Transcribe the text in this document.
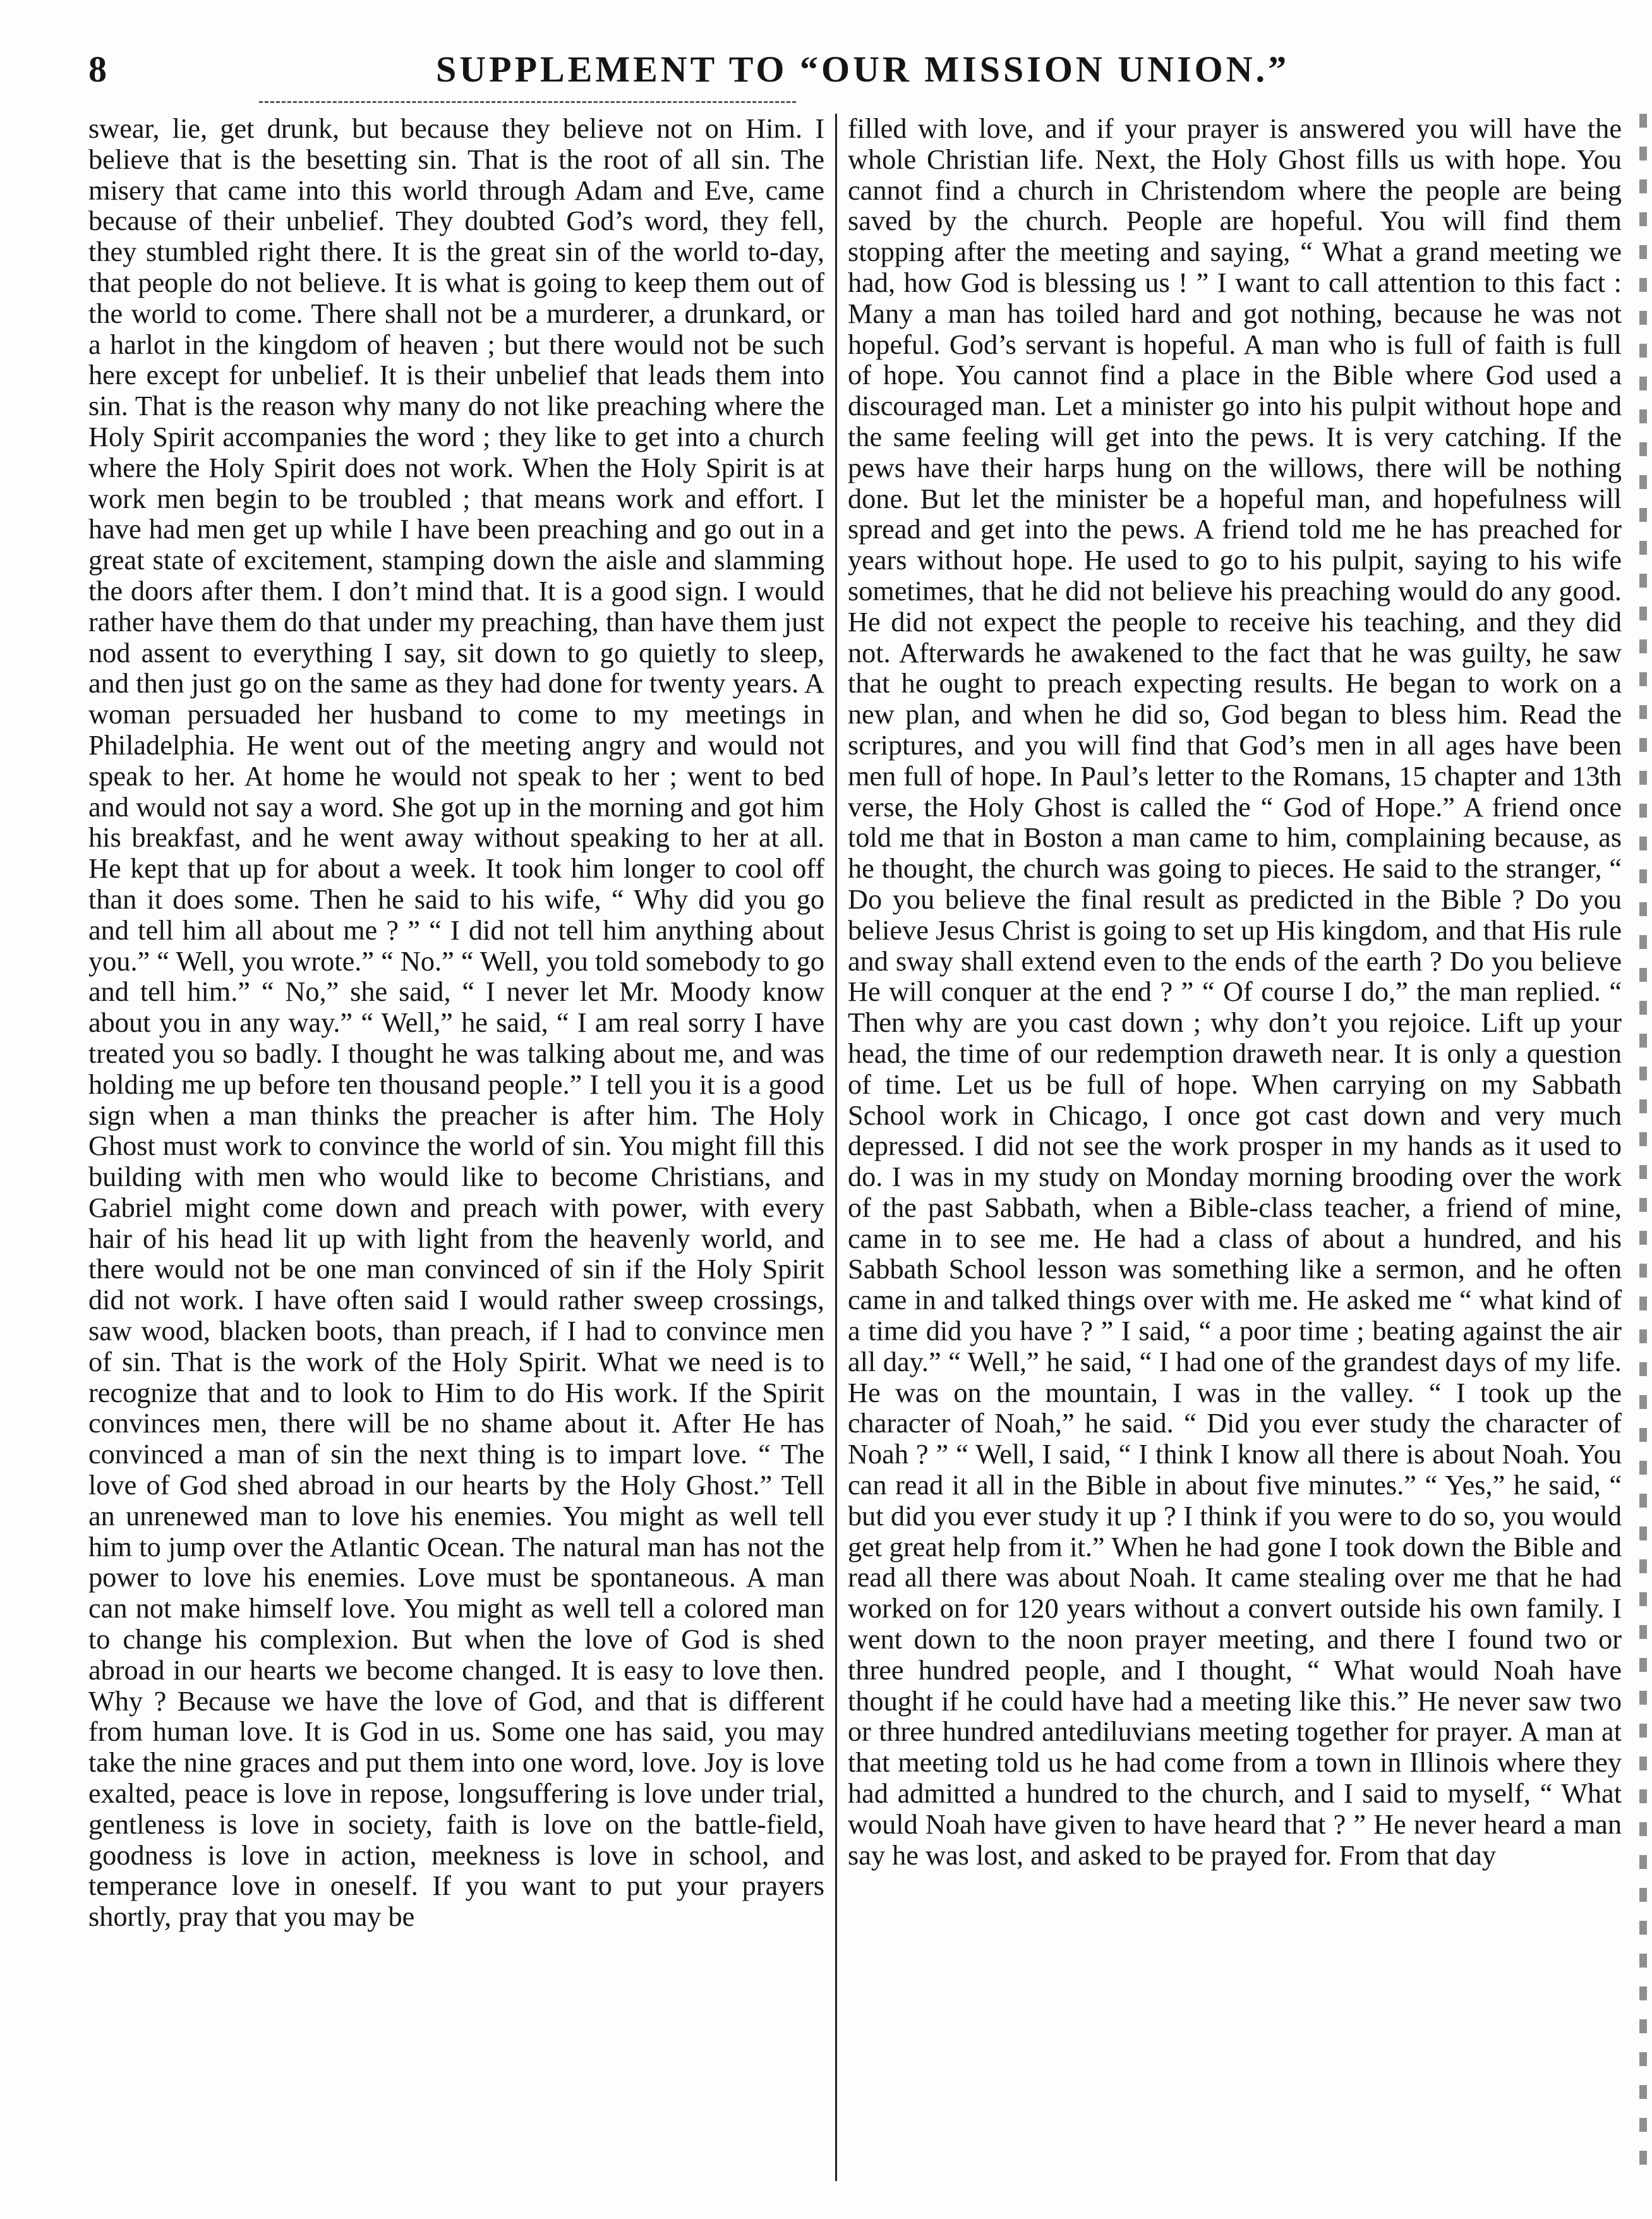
8	SUPPLEMENT TO “OUR MISSION UNION.”

swear, lie, get drunk, but because they believe not on Him. I believe that is the besetting sin. That is the root of all sin. The misery that came into this world through Adam and Eve, came because of their unbelief. They doubted God’s word, they fell, they stumbled right there. It is the great sin of the world to-day, that people do not believe. It is what is going to keep them out of the world to come. There shall not be a murderer, a drunkard, or a harlot in the kingdom of heaven ; but there would not be such here except for unbelief. It is their unbelief that leads them into sin. That is the reason why many do not like preaching where the Holy Spirit accompanies the word ; they like to get into a church where the Holy Spirit does not work. When the Holy Spirit is at work men begin to be troubled ; that means work and effort. I have had men get up while I have been preaching and go out in a great state of excitement, stamping down the aisle and slamming the doors after them. I don’t mind that. It is a good sign. I would rather have them do that under my preaching, than have them just nod assent to everything I say, sit down to go quietly to sleep, and then just go on the same as they had done for twenty years. A woman persuaded her husband to come to my meetings in Philadelphia. He went out of the meeting angry and would not speak to her. At home he would not speak to her ; went to bed and would not say a word. She got up in the morning and got him his breakfast, and he went away without speaking to her at all. He kept that up for about a week. It took him longer to cool off than it does some. Then he said to his wife, “ Why did you go and tell him all about me ? ” “ I did not tell him anything about you.” “ Well, you wrote.” “ No.” “ Well, you told somebody to go and tell him.” “ No,” she said, “ I never let Mr. Moody know about you in any way.” “ Well,” he said, “ I am real sorry I have treated you so badly. I thought he was talking about me, and was holding me up before ten thousand people.” I tell you it is a good sign when a man thinks the preacher is after him. The Holy Ghost must work to convince the world of sin. You might fill this building with men who would like to become Christians, and Gabriel might come down and preach with power, with every hair of his head lit up with light from the heavenly world, and there would not be one man convinced of sin if the Holy Spirit did not work. I have often said I would rather sweep crossings, saw wood, blacken boots, than preach, if I had to convince men of sin. That is the work of the Holy Spirit. What we need is to recognize that and to look to Him to do His work. If the Spirit convinces men, there will be no shame about it. After He has convinced a man of sin the next thing is to impart love. “ The love of God shed abroad in our hearts by the Holy Ghost.” Tell an unrenewed man to love his enemies. You might as well tell him to jump over the Atlantic Ocean. The natural man has not the power to love his enemies. Love must be spontaneous. A man can not make himself love. You might as well tell a colored man to change his complexion. But when the love of God is shed abroad in our hearts we become changed. It is easy to love then. Why ? Because we have the love of God, and that is different from human love. It is God in us. Some one has said, you may take the nine graces and put them into one word, love. Joy is love exalted, peace is love in repose, longsuffering is love under trial, gentleness is love in society, faith is love on the battle-field, goodness is love in action, meekness is love in school, and temperance love in oneself. If you want to put your prayers shortly, pray that you may be

filled with love, and if your prayer is answered you will have the whole Christian life. Next, the Holy Ghost fills us with hope. You cannot find a church in Christendom where the people are being saved by the church. People are hopeful. You will find them stopping after the meeting and saying, “ What a grand meeting we had, how God is blessing us ! ” I want to call attention to this fact : Many a man has toiled hard and got nothing, because he was not hopeful. God’s servant is hopeful. A man who is full of faith is full of hope. You cannot find a place in the Bible where God used a discouraged man. Let a minister go into his pulpit without hope and the same feeling will get into the pews. It is very catching. If the pews have their harps hung on the willows, there will be nothing done. But let the minister be a hopeful man, and hopefulness will spread and get into the pews. A friend told me he has preached for years without hope. He used to go to his pulpit, saying to his wife sometimes, that he did not believe his preaching would do any good. He did not expect the people to receive his teaching, and they did not. Afterwards he awakened to the fact that he was guilty, he saw that he ought to preach expecting results. He began to work on a new plan, and when he did so, God began to bless him. Read the scriptures, and you will find that God’s men in all ages have been men full of hope. In Paul’s letter to the Romans, 15 chapter and 13th verse, the Holy Ghost is called the “ God of Hope.” A friend once told me that in Boston a man came to him, complaining because, as he thought, the church was going to pieces. He said to the stranger, “ Do you believe the final result as predicted in the Bible ? Do you believe Jesus Christ is going to set up His kingdom, and that His rule and sway shall extend even to the ends of the earth ? Do you believe He will conquer at the end ? ” “ Of course I do,” the man replied. “ Then why are you cast down ; why don’t you rejoice. Lift up your head, the time of our redemption draweth near. It is only a question of time. Let us be full of hope. When carrying on my Sabbath School work in Chicago, I once got cast down and very much depressed. I did not see the work prosper in my hands as it used to do. I was in my study on Monday morning brooding over the work of the past Sabbath, when a Bible-class teacher, a friend of mine, came in to see me. He had a class of about a hundred, and his Sabbath School lesson was something like a sermon, and he often came in and talked things over with me. He asked me “ what kind of a time did you have ? ” I said, “ a poor time ; beating against the air all day.” “ Well,” he said, “ I had one of the grandest days of my life. He was on the mountain, I was in the valley. “ I took up the character of Noah,” he said. “ Did you ever study the character of Noah ? ” “ Well, I said, “ I think I know all there is about Noah. You can read it all in the Bible in about five minutes.” “ Yes,” he said, “ but did you ever study it up ? I think if you were to do so, you would get great help from it.” When he had gone I took down the Bible and read all there was about Noah. It came stealing over me that he had worked on for 120 years without a convert outside his own family. I went down to the noon prayer meeting, and there I found two or three hundred people, and I thought, “ What would Noah have thought if he could have had a meeting like this.” He never saw two or three hundred antediluvians meeting together for prayer. A man at that meeting told us he had come from a town in Illinois where they had admitted a hundred to the church, and I said to myself, “ What would Noah have given to have heard that ? ” He never heard a man say he was lost, and asked to be prayed for. From that day
